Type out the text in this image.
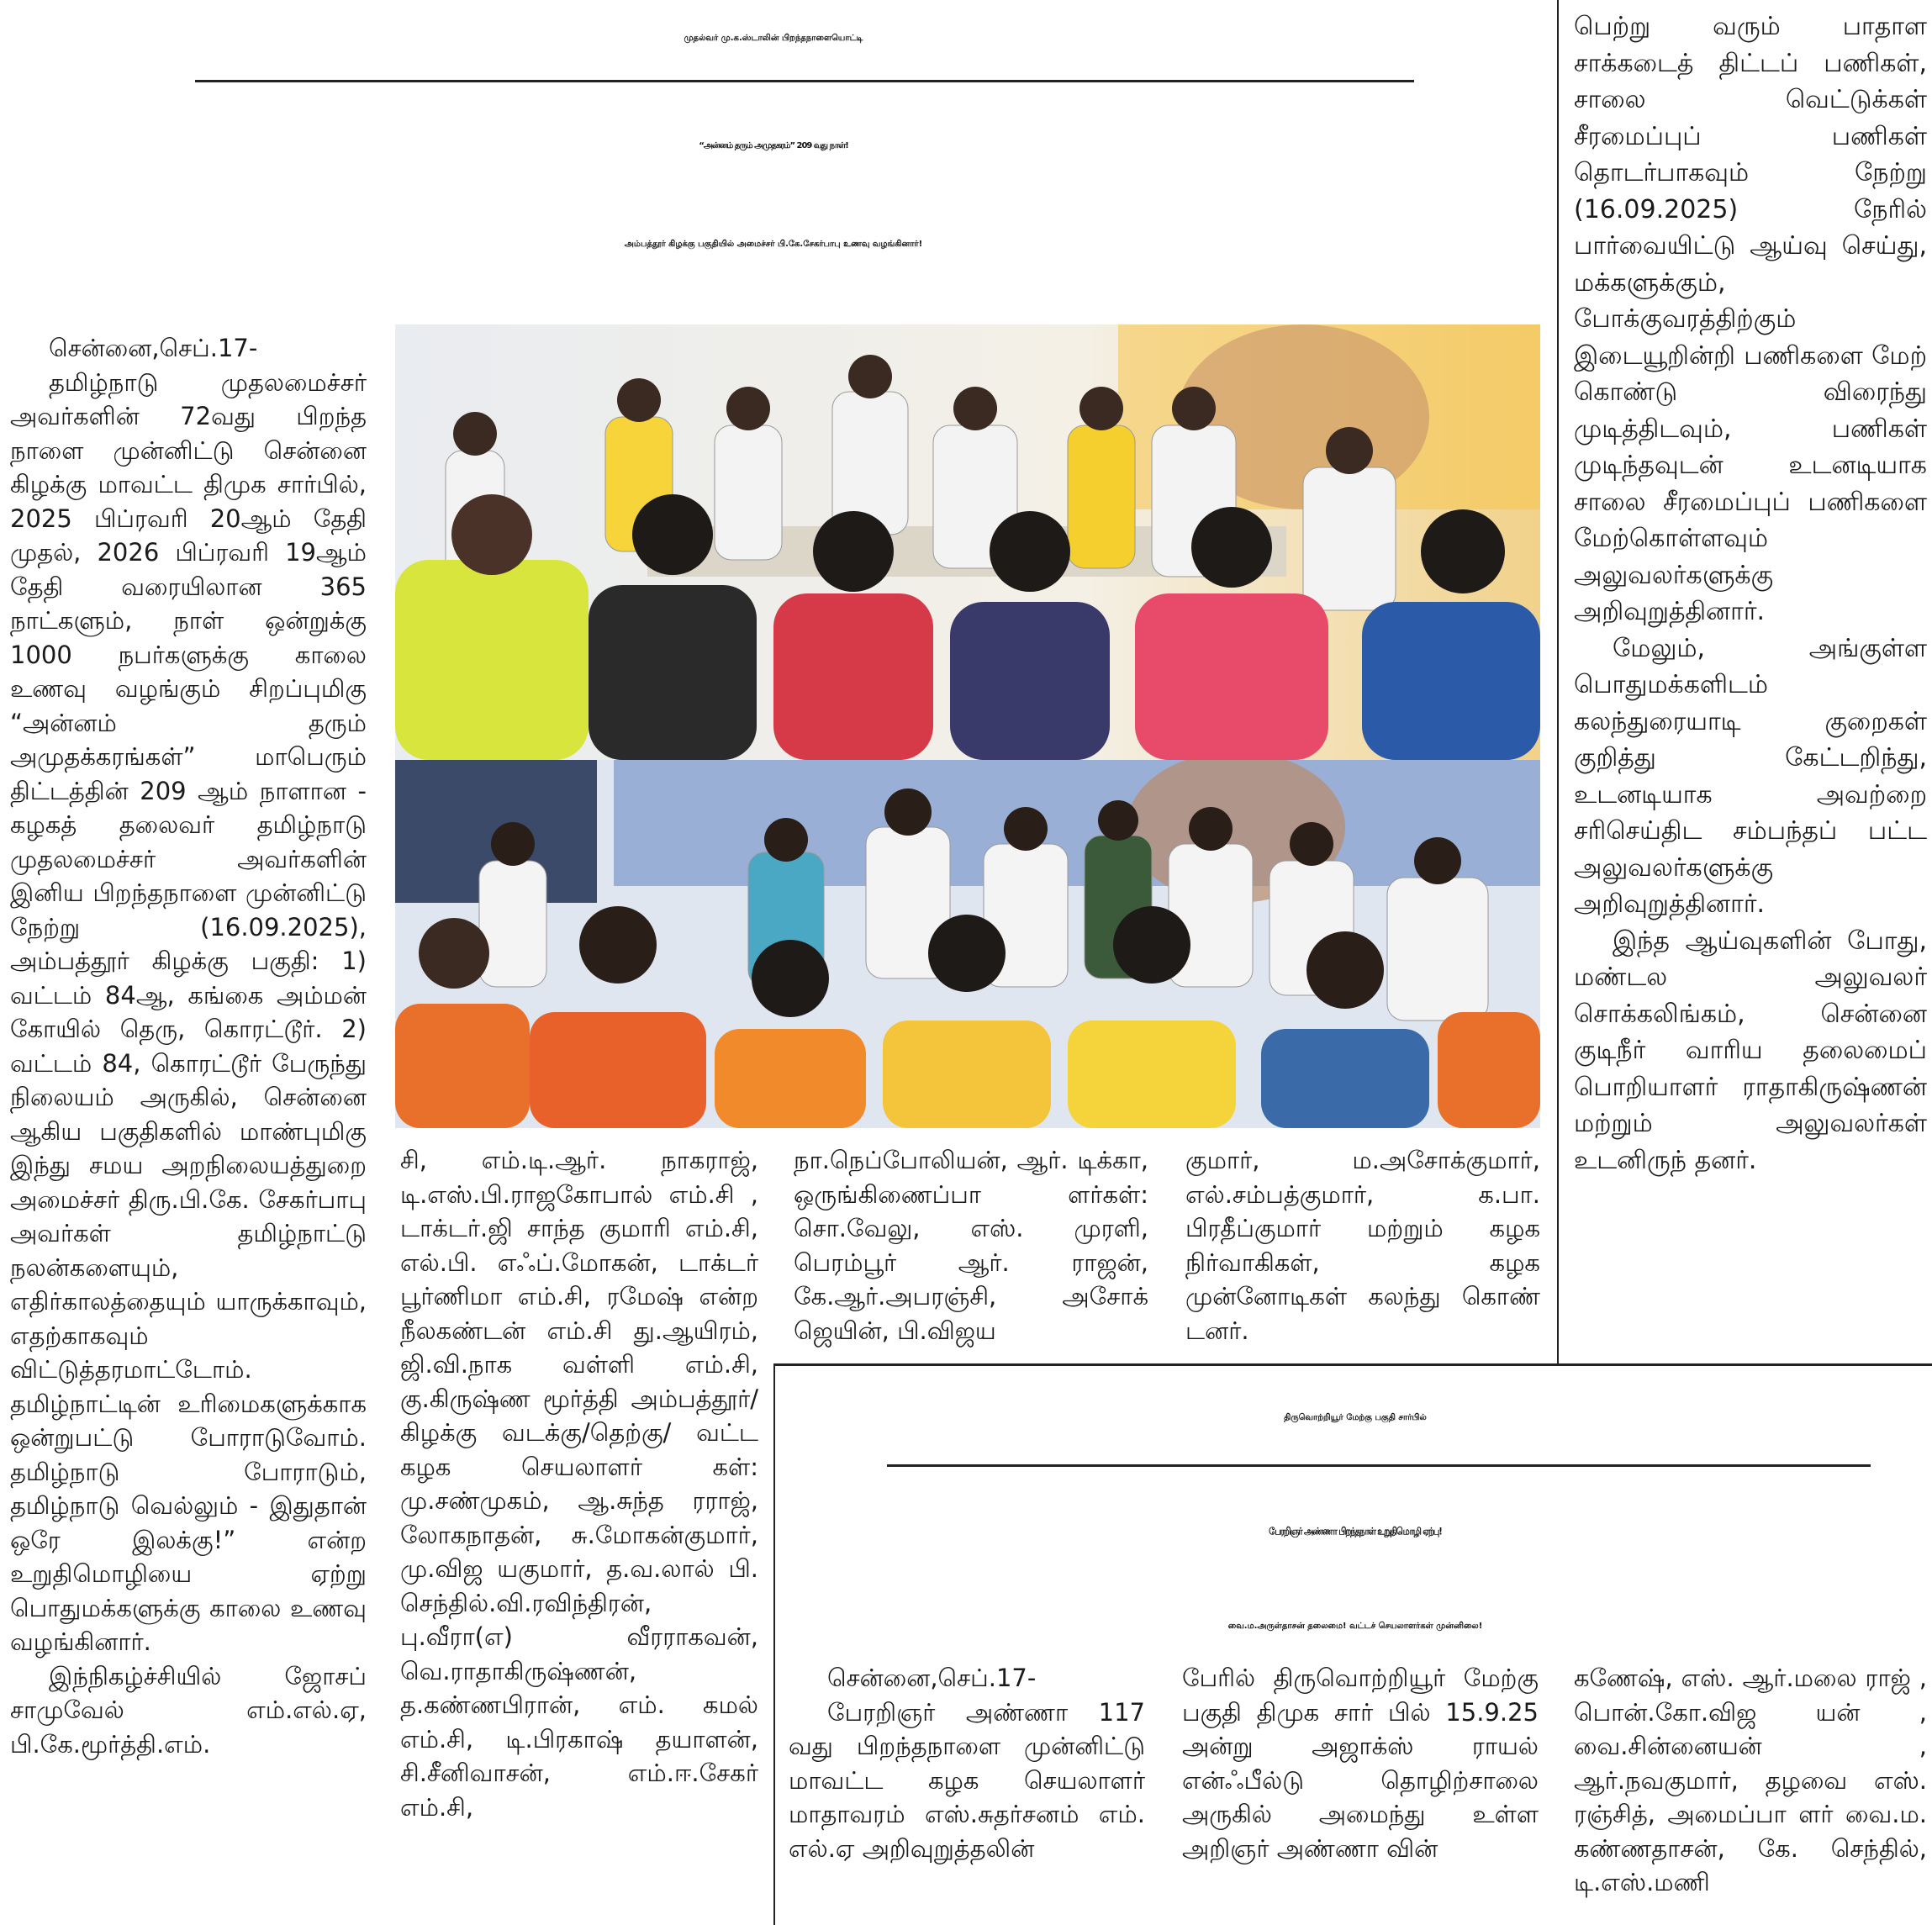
முதல்வர் மு.க.ஸ்டாலின் பிறந்தநாளையொட்டி
“அன்னம் தரும் அமுதகரம்” 209 வது நாள்!
அம்பத்தூர் கிழக்கு பகுதியில் அமைச்சர் பி.கே.சேகர்பாபு உணவு வழங்கினார்!

சென்னை,செப்.17-

தமிழ்நாடு முதலமைச்சர் அவர்களின் 72வது பிறந்த நாளை முன்னிட்டு சென்னை கிழக்கு மாவட்ட திமுக சார்பில், 2025 பிப்ரவரி 20ஆம் தேதி முதல், 2026 பிப்ரவரி 19ஆம் தேதி வரையிலான 365 நாட்களும், நாள் ஒன்றுக்கு 1000 நபர்களுக்கு காலை உணவு வழங்கும் சிறப்புமிகு “அன்னம் தரும் அமுதக்கரங்கள்” மாபெரும் திட்டத்தின் 209 ஆம் நாளான - கழகத் தலைவர் தமிழ்நாடு முதலமைச்சர் அவர்களின் இனிய பிறந்தநாளை முன்னிட்டு நேற்று (16.09.2025), அம்பத்தூர் கிழக்கு பகுதி: 1) வட்டம் 84ஆ, கங்கை அம்மன் கோயில் தெரு, கொரட்டூர். 2) வட்டம் 84, கொரட்டூர் பேருந்து நிலையம் அருகில், சென்னை ஆகிய பகுதிகளில் மாண்புமிகு இந்து சமய அறநிலையத்துறை அமைச்சர் திரு.பி.கே. சேகர்பாபு அவர்கள் தமிழ்நாட்டு நலன்களையும், எதிர்காலத்தையும் யாருக்காவும், எதற்காகவும் விட்டுத்தரமாட்டோம். தமிழ்நாட்டின் உரிமைகளுக்காக ஒன்றுபட்டு போராடுவோம். தமிழ்நாடு போராடும், தமிழ்நாடு வெல்லும் - இதுதான் ஒரே இலக்கு!” என்ற உறுதிமொழியை ஏற்று பொதுமக்களுக்கு காலை உணவு வழங்கினார்.

இந்நிகழ்ச்சியில் ஜோசப் சாமுவேல் எம்.எல்.ஏ, பி.கே.மூர்த்தி.எம்.

சி, எம்.டி.ஆர். நாகராஜ், டி.எஸ்.பி.ராஜகோபால் எம்.சி , டாக்டர்.ஜி சாந்த குமாரி எம்.சி, எல்.பி. எஃப்.மோகன், டாக்டர் பூர்ணிமா எம்.சி, ரமேஷ் என்ற நீலகண்டன் எம்.சி து.ஆயிரம், ஜி.வி.நாக வள்ளி எம்.சி, கு.கிருஷ்ண மூர்த்தி அம்பத்தூர்/ கிழக்கு வடக்கு/தெற்கு/ வட்ட கழக செயலாளர் கள்: மு.சண்முகம், ஆ.சுந்த ரராஜ், லோகநாதன், சு.மோகன்குமார், மு.விஜ யகுமார், த.வ.லால் பி. செந்தில்.வி.ரவிந்திரன், பு.வீரா(எ) வீரராகவன், வெ.ராதாகிருஷ்ணன், த.கண்ணபிரான், எம். கமல் எம்.சி, டி.பிரகாஷ் தயாளன், சி.சீனிவாசன், எம்.ஈ.சேகர் எம்.சி,
நா.நெப்போலியன், ஆர். டிக்கா, ஒருங்கிணைப்பா ளர்கள்: சொ.வேலு, எஸ். முரளி, பெரம்பூர் ஆர். ராஜன், கே.ஆர்.அபரஞ்சி, அசோக் ஜெயின், பி.விஜய
குமார், ம.அசோக்குமார், எல்.சம்பத்குமார், க.பா. பிரதீப்குமார் மற்றும் கழக நிர்வாகிகள், கழக முன்னோடிகள் கலந்து கொண் டனர்.

பெற்று வரும் பாதாள சாக்கடைத் திட்டப் பணிகள், சாலை வெட்டுக்கள் சீரமைப்புப் பணிகள் தொடர்பாகவும் நேற்று (16.09.2025) நேரில் பார்வையிட்டு ஆய்வு செய்து, மக்களுக்கும், போக்குவரத்திற்கும் இடையூறின்றி பணிகளை மேற் கொண்டு விரைந்து முடித்திடவும், பணிகள் முடிந்தவுடன் உடனடியாக சாலை சீரமைப்புப் பணிகளை மேற்கொள்ளவும் அலுவலர்களுக்கு அறிவுறுத்தினார்.

மேலும், அங்குள்ள பொதுமக்களிடம் கலந்துரையாடி குறைகள் குறித்து கேட்டறிந்து, உடனடியாக அவற்றை சரிசெய்திட சம்பந்தப் பட்ட அலுவலர்களுக்கு அறிவுறுத்தினார்.

இந்த ஆய்வுகளின் போது, மண்டல அலுவலர் சொக்கலிங்கம், சென்னை குடிநீர் வாரிய தலைமைப் பொறியாளர் ராதாகிருஷ்ணன் மற்றும் அலுவலர்கள் உடனிருந் தனர்.

திருவொற்றியூர் மேற்கு பகுதி சார்பில்
பேரறிஞர் அண்ணா பிறந்தநாள் உறுதிமொழி ஏற்பு!
வை.ம.அருள்தாசன் தலைமை! வட்டச் செயலாளர்கள் முன்னிலை!

சென்னை,செப்.17-

பேரறிஞர் அண்ணா 117 வது பிறந்தநாளை முன்னிட்டு மாவட்ட கழக செயலாளர் மாதாவரம் எஸ்.சுதர்சனம் எம். எல்.ஏ அறிவுறுத்தலின்

பேரில் திருவொற்றியூர் மேற்கு பகுதி திமுக சார் பில் 15.9.25 அன்று அஜாக்ஸ் ராயல் என்ஃபீல்டு தொழிற்சாலை அருகில் அமைந்து உள்ள அறிஞர் அண்ணா வின்
கணேஷ், எஸ். ஆர்.மலை ராஜ் , பொன்.கோ.விஜ யன் , வை.சின்னையன் , ஆர்.நவகுமார், தழவை எஸ். ரஞ்சித், அமைப்பா ளர் வை.ம. கண்ணதாசன், கே. செந்தில், டி.எஸ்.மணி
